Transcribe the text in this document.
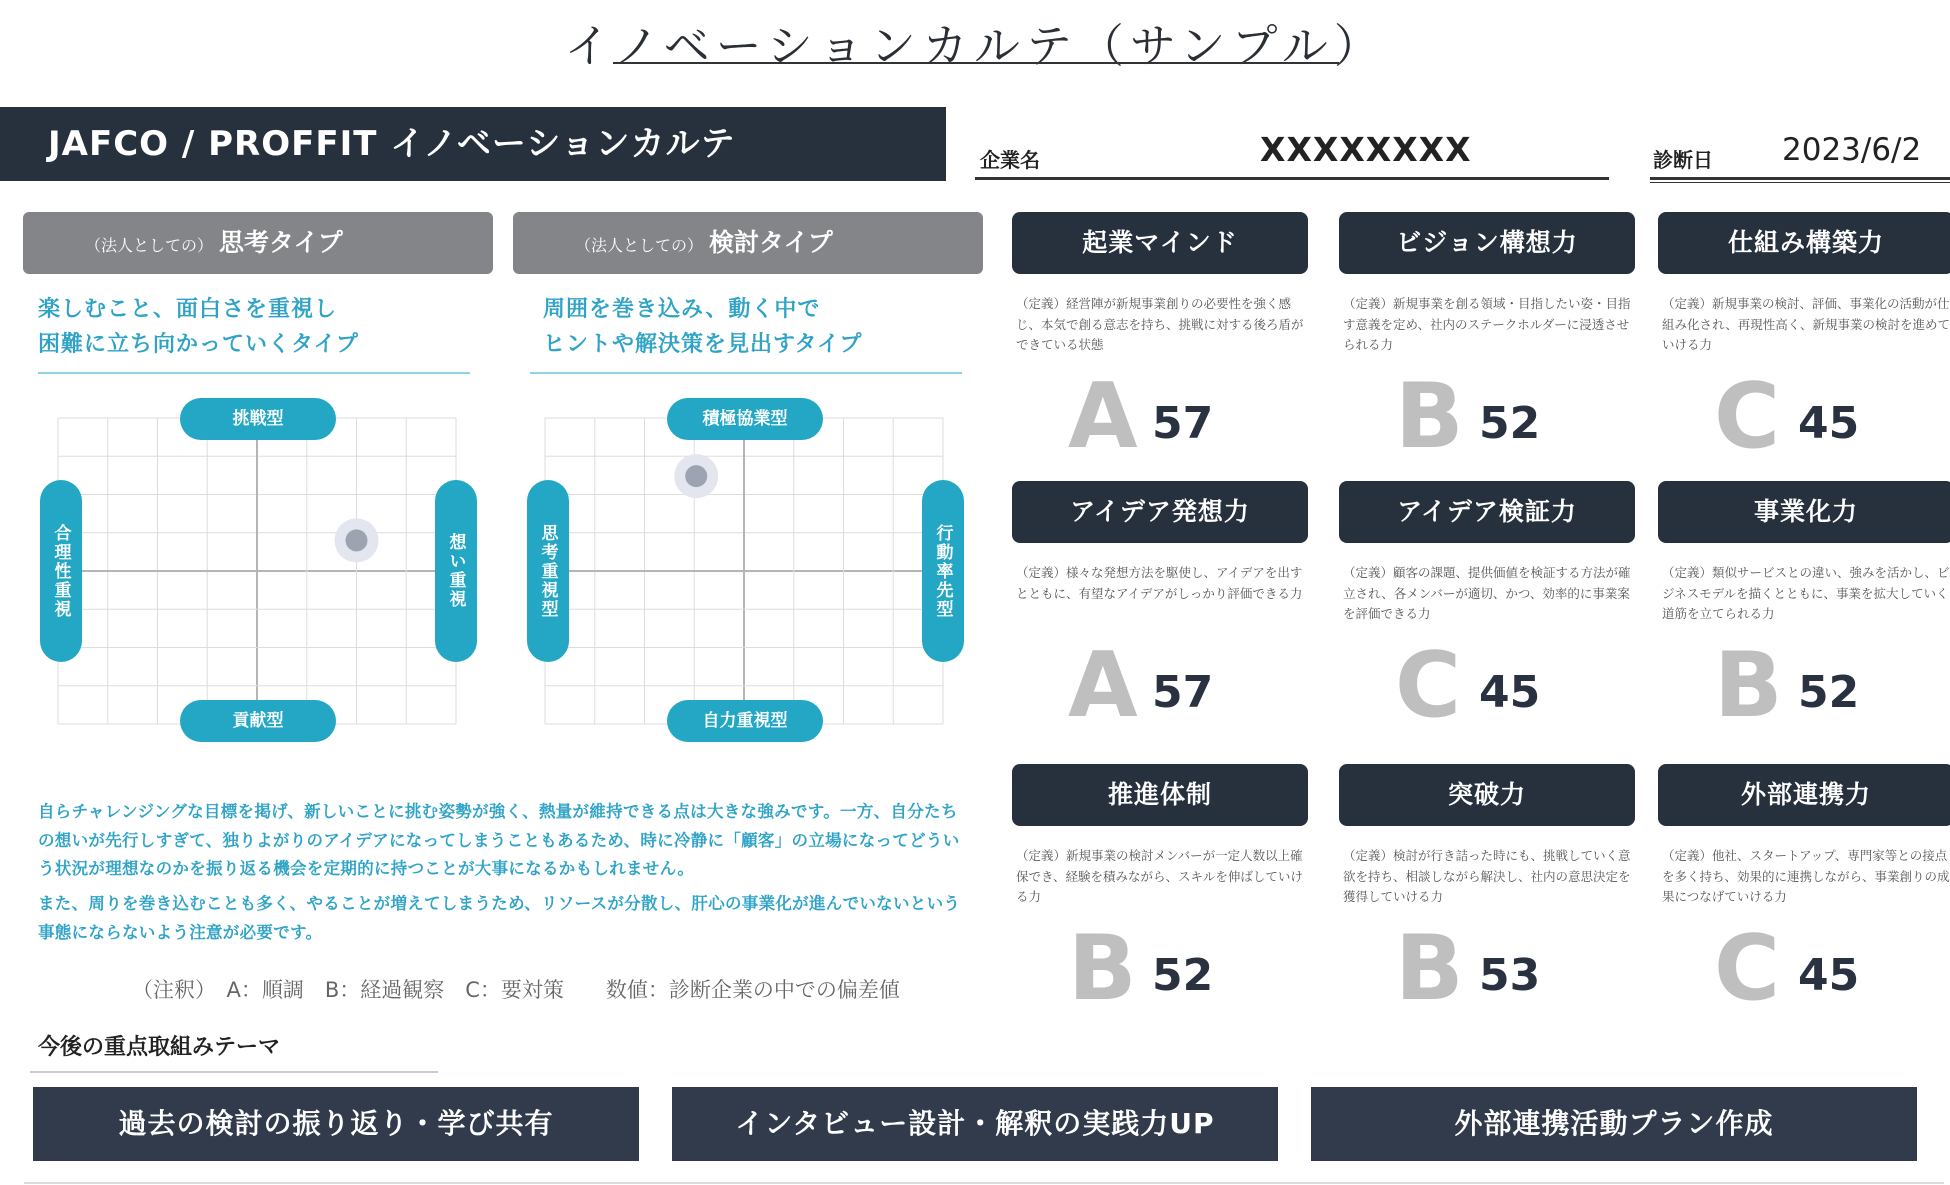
イノベーションカルテ（サンプル）
JAFCO / PROFFIT イノベーションカルテ	企業名	XXXXXXXX	診断日 2023/6/2
（法人としての） 思考タイプ
楽しむこと、面白さを重視し
困難に立ち向かっていくタイプ
挑戦型
貢献型
合理性重視	想い重視
（法人としての） 検討タイプ
周囲を巻き込み、動く中で
ヒントや解決策を見出すタイプ
積極協業型
自力重視型
思考重視型	行動率先型
自らチャレンジングな目標を掲げ、新しいことに挑む姿勢が強く、熱量が維持できる点は大きな強みです。一方、自分たちの想いが先行しすぎて、独りよがりのアイデアになってしまうこともあるため、時に冷静に「顧客」の立場になってどういう状況が理想なのかを振り返る機会を定期的に持つことが大事になるかもしれません。
また、周りを巻き込むことも多く、やることが増えてしまうため、リソースが分散し、肝心の事業化が進んでいないという事態にならないよう注意が必要です。
（注釈）　A：順調　B：経過観察　C：要対策　　数値：診断企業の中での偏差値
今後の重点取組みテーマ
過去の検討の振り返り・学び共有	インタビュー設計・解釈の実践力UP	外部連携活動プラン作成
起業マインド
（定義）経営陣が新規事業創りの必要性を強く感じ、本気で創る意志を持ち、挑戦に対する後ろ盾ができている状態
A 57
ビジョン構想力
（定義）新規事業を創る領域・目指したい姿・目指す意義を定め、社内のステークホルダーに浸透させられる力
B 52
仕組み構築力
（定義）新規事業の検討、評価、事業化の活動が仕組み化され、再現性高く、新規事業の検討を進めていける力
C 45
アイデア発想力
（定義）様々な発想方法を駆使し、アイデアを出すとともに、有望なアイデアがしっかり評価できる力
A 57
アイデア検証力
（定義）顧客の課題、提供価値を検証する方法が確立され、各メンバーが適切、かつ、効率的に事業案を評価できる力
C 45
事業化力
（定義）類似サービスとの違い、強みを活かし、ビジネスモデルを描くとともに、事業を拡大していく道筋を立てられる力
B 52
推進体制
（定義）新規事業の検討メンバーが一定人数以上確保でき、経験を積みながら、スキルを伸ばしていける力
B 52
突破力
（定義）検討が行き詰った時にも、挑戦していく意欲を持ち、相談しながら解決し、社内の意思決定を獲得していける力
B 53
外部連携力
（定義）他社、スタートアップ、専門家等との接点を多く持ち、効果的に連携しながら、事業創りの成果につなげていける力
C 45
